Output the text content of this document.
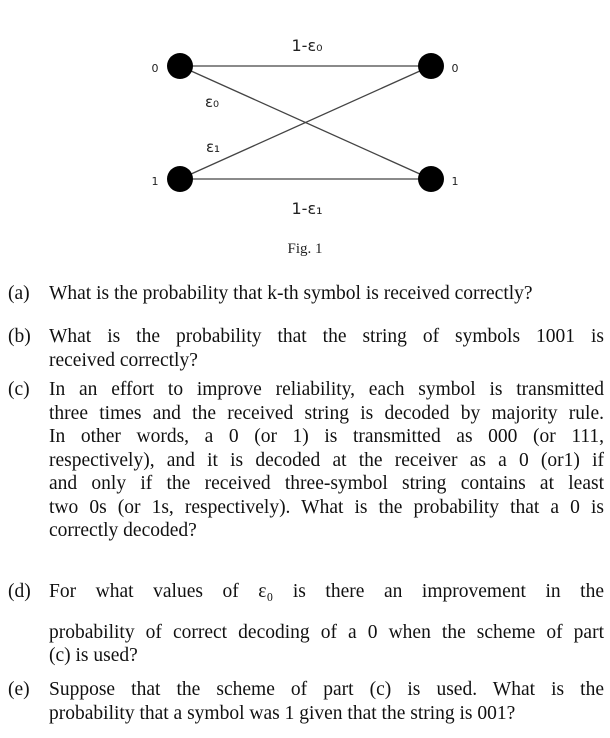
0
1
0
1
1-ε₀
ε₀
ε₁
1-ε₁
Fig. 1
(a) What is the probability that k-th symbol is received correctly?
(b) What is the probability that the string of symbols 1001 is
received correctly?
(c) In an effort to improve reliability, each symbol is transmitted
three times and the received string is decoded by majority rule.
In other words, a 0 (or 1) is transmitted as 000 (or 111,
respectively), and it is decoded at the receiver as a 0 (or1) if
and only if the received three-symbol string contains at least
two 0s (or 1s, respectively). What is the probability that a 0 is
correctly decoded?
(d) For what values of ε₀ is there an improvement in the
probability of correct decoding of a 0 when the scheme of part
(c) is used?
(e) Suppose that the scheme of part (c) is used. What is the
probability that a symbol was 1 given that the string is 001?
